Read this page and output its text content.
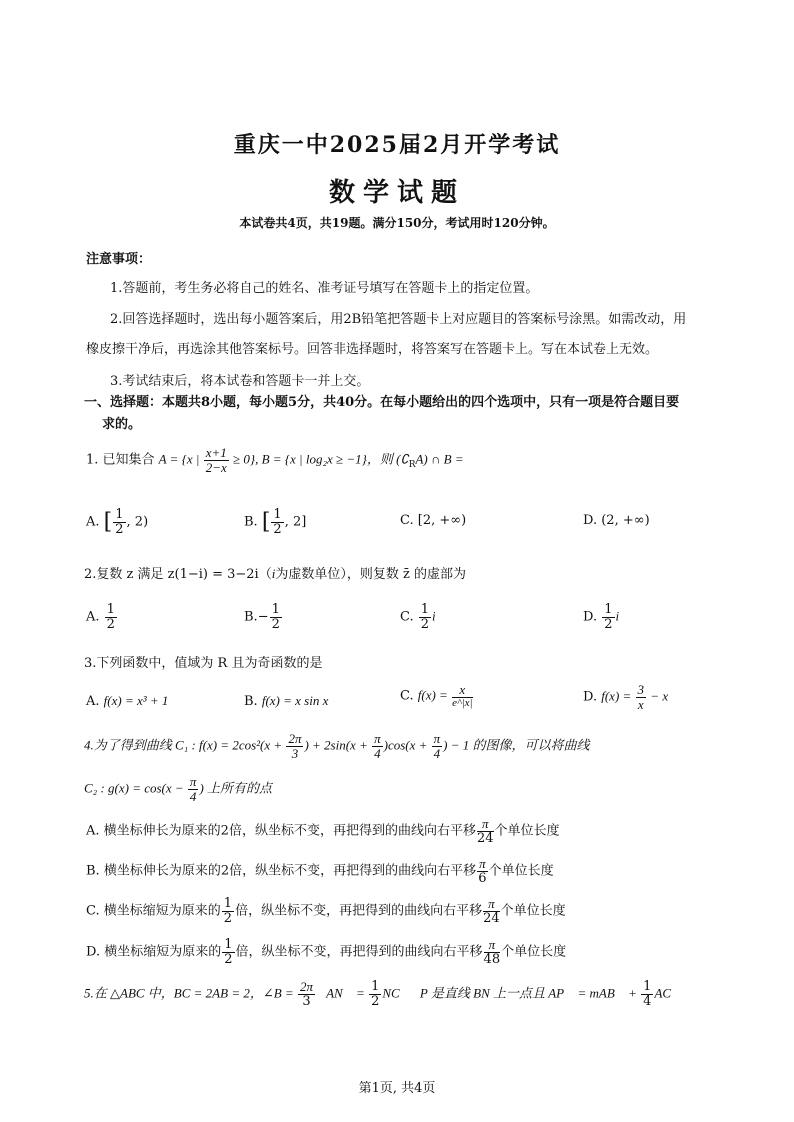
重庆一中2025届2月开学考试
数学试题
本试卷共4页，共19题。满分150分，考试用时120分钟。
注意事项：
1.答题前，考生务必将自己的姓名、准考证号填写在答题卡上的指定位置。
2.回答选择题时，选出每小题答案后，用2B铅笔把答题卡上对应题目的答案标号涂黑。如需改动，用
橡皮擦干净后，再选涂其他答案标号。回答非选择题时，将答案写在答题卡上。写在本试卷上无效。
3.考试结束后，将本试卷和答题卡一并上交。
一、选择题：本题共8小题，每小题5分，共40分。在每小题给出的四个选项中，只有一项是符合题目要
求的。
1. 已知集合 A = {x | $\frac{x+1}{2-x} \ge 0$}, B = {x | log₂x ≥ −1}，则 $(∁_RA)$ ∩ B =
A. [ $\frac{1}{2}$ , 2)	B. [ $\frac{1}{2}$ , 2]	C. [2, +∞)	D. (2, +∞)
2.复数 z 满足 z(1−i) = 3−2i（i为虚数单位），则复数 z̄ 的虚部为
A. $\frac{1}{2}$	$B.- \frac{1}{2}$	C. $\frac{1}{2}$ i	D. $\frac{1}{2}$ i
3.下列函数中，值域为 R 且为奇函数的是
A. f(x) = x³ + 1	B. f(x) = x sin x	C. $f(x) = \frac{x}{e\^{}|x|}$	D. $f(x) = \frac{3}{x} - x$
4.为了得到曲线 C₁ : $f(x) = 2\cos^2(x + \frac{2\pi}{3}$ ) + $2\sin(x + \frac{\pi}{4} )\cos(x + \frac{\pi}{4}$ ) − 1 的图像，可以将曲线
C₂ : $g(x) = \cos(x - \frac{\pi}{4}$ ) 上所有的点
A. 横坐标伸长为原来的2倍，纵坐标不变，再把得到的曲线向右平移 $\frac{\pi}{24}$ 个单位长度
B. 横坐标伸长为原来的2倍，纵坐标不变，再把得到的曲线向右平移 $\frac{\pi}{6}$ 个单位长度
C. 横坐标缩短为原来的 $\frac{1}{2}$ 倍，纵坐标不变，再把得到的曲线向右平移 $\frac{\pi}{24}$ 个单位长度
D. 横坐标缩短为原来的 $\frac{1}{2}$ 倍，纵坐标不变，再把得到的曲线向右平移 $\frac{\pi}{48}$ 个单位长度
5.在 △ABC 中，BC = 2AB = 2，∠B = $\frac{2\pi}{3}$ ，AN⃗ = $\frac{1}{2}$ NC⃗，P 是直线 BN 上一点且 AP⃗ = mAB⃗ + $\frac{1}{4}$ AC⃗，
第1页, 共4页
